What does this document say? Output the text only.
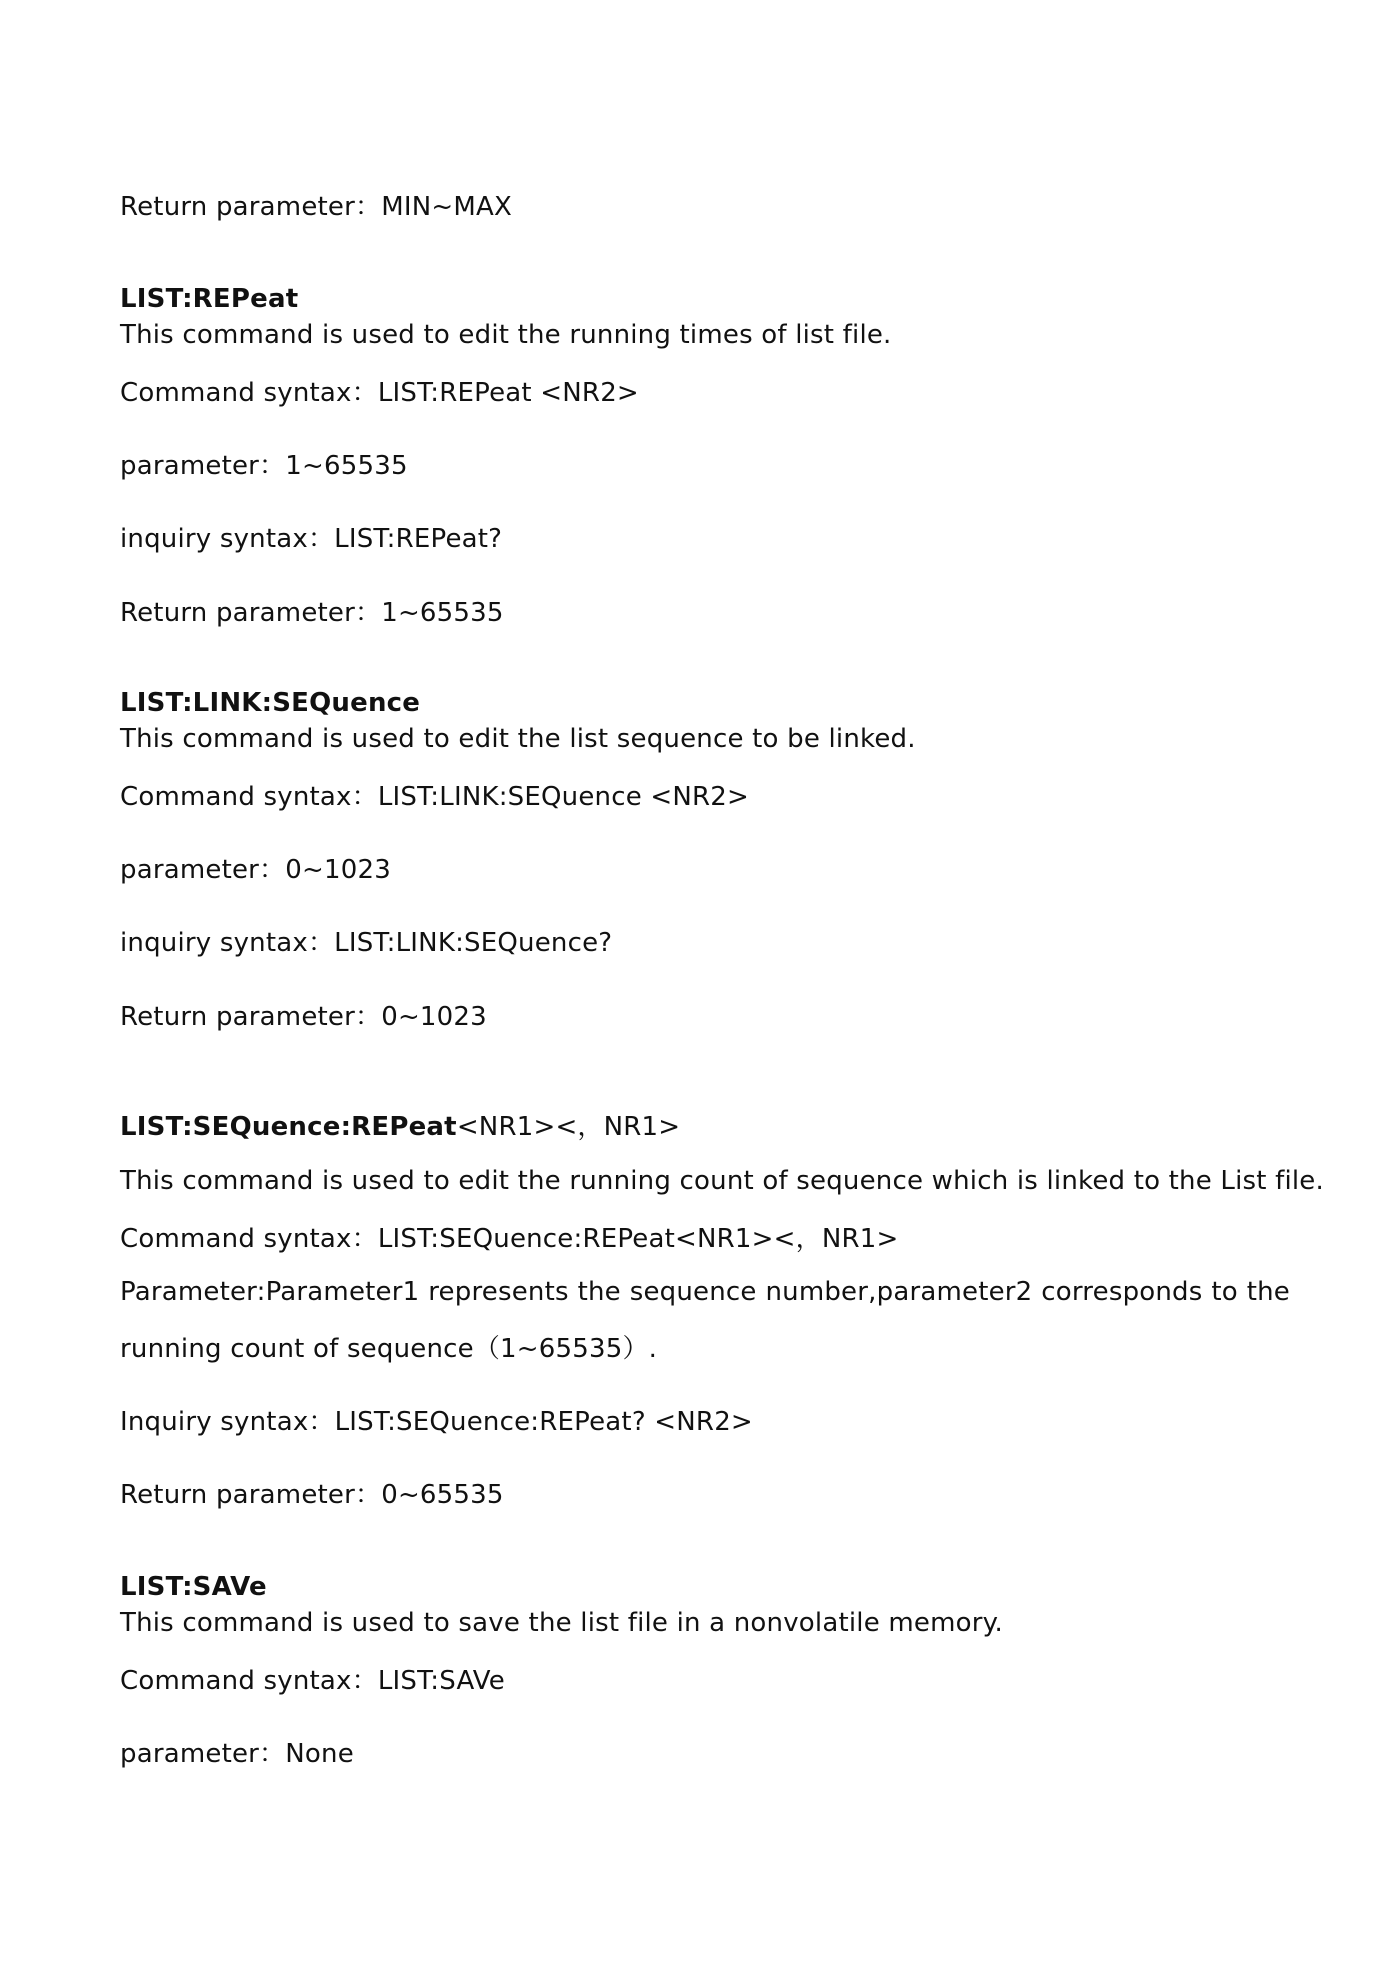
Return parameter：MIN~MAX
LIST:REPeat
This command is used to edit the running times of list file.
Command syntax：LIST:REPeat <NR2>
parameter：1~65535
inquiry syntax：LIST:REPeat?
Return parameter：1~65535
LIST:LINK:SEQuence
This command is used to edit the list sequence to be linked.
Command syntax：LIST:LINK:SEQuence <NR2>
parameter：0~1023
inquiry syntax：LIST:LINK:SEQuence?
Return parameter：0~1023
LIST:SEQuence:REPeat<NR1><，NR1>
This command is used to edit the running count of sequence which is linked to the List file.
Command syntax：LIST:SEQuence:REPeat<NR1><，NR1>
Parameter:Parameter1 represents the sequence number,parameter2 corresponds to the
running count of sequence（1~65535）.
Inquiry syntax：LIST:SEQuence:REPeat? <NR2>
Return parameter：0~65535
LIST:SAVe
This command is used to save the list file in a nonvolatile memory.
Command syntax：LIST:SAVe
parameter：None
